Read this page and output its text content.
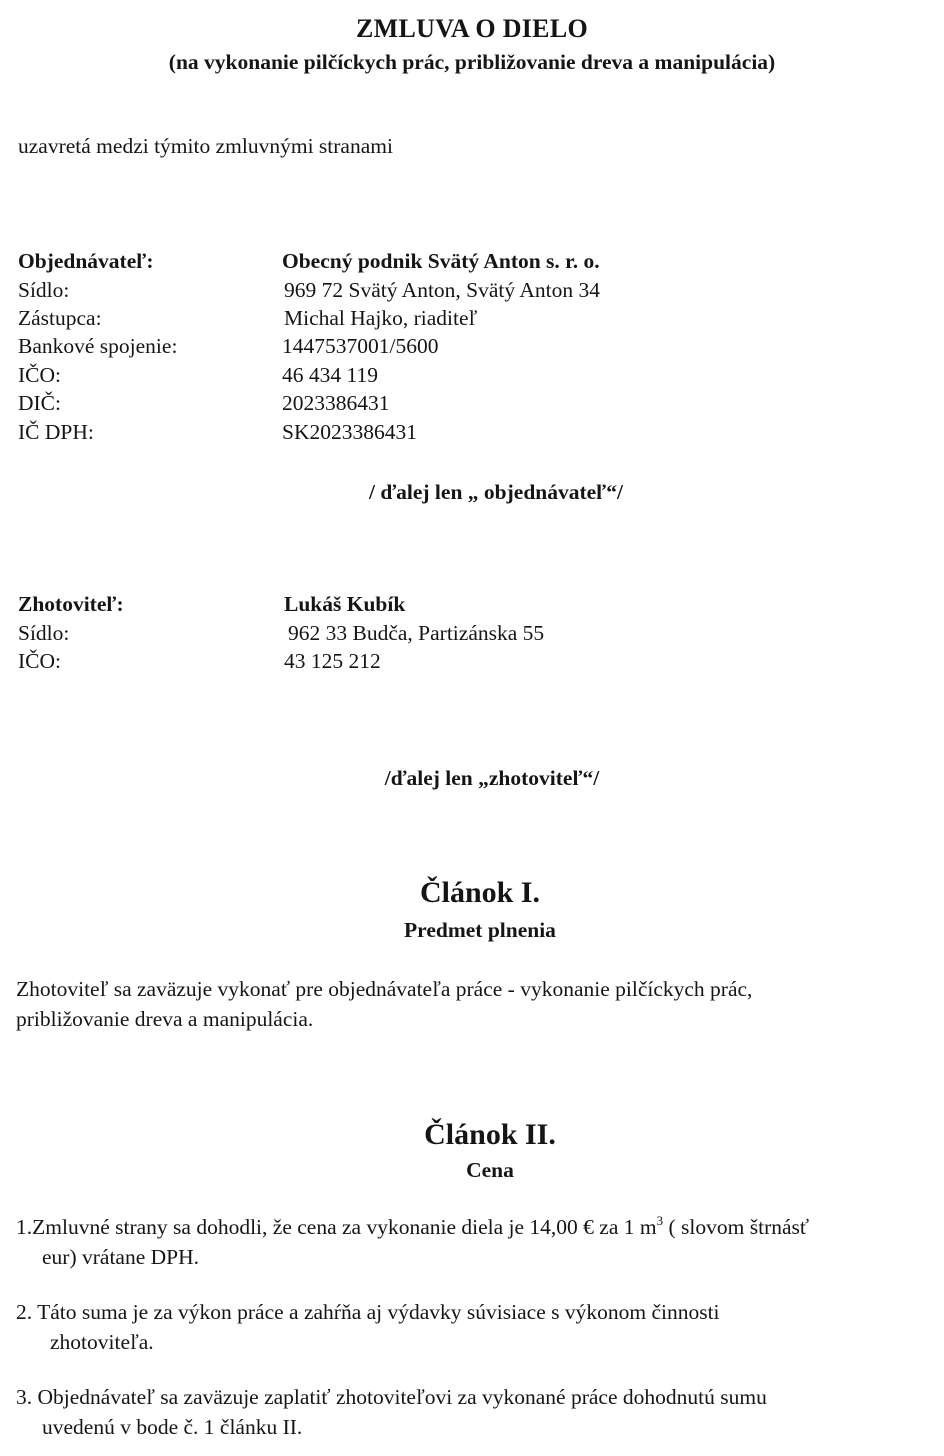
ZMLUVA O DIELO
(na vykonanie pilčíckych prác, približovanie dreva a manipulácia)
uzavretá medzi týmito zmluvnými stranami
Objednávateľ:	Obecný podnik Svätý Anton s. r. o.
Sídlo:	969 72 Svätý Anton, Svätý Anton 34
Zástupca:	Michal Hajko, riaditeľ
Bankové spojenie:	1447537001/5600
IČO:	46 434 119
DIČ:	2023386431
IČ DPH:	SK2023386431
/ ďalej len „ objednávateľ“/
Zhotoviteľ:	Lukáš Kubík
Sídlo:	962 33 Budča, Partizánska 55
IČO:	43 125 212
/ďalej len „zhotoviteľ“/
Článok I.
Predmet plnenia
Zhotoviteľ sa zaväzuje vykonať pre objednávateľa práce - vykonanie pilčíckych prác,
približovanie dreva a manipulácia.
Článok II.
Cena
1.Zmluvné strany sa dohodli, že cena za vykonanie diela je 14,00 € za 1 $m^3$ ( slovom štrnásť
eur) vrátane DPH.
2. Táto suma je za výkon práce a zahŕňa aj výdavky súvisiace s výkonom činnosti
zhotoviteľa.
3. Objednávateľ sa zaväzuje zaplatiť zhotoviteľovi za vykonané práce dohodnutú sumu
uvedenú v bode č. 1 článku II.
